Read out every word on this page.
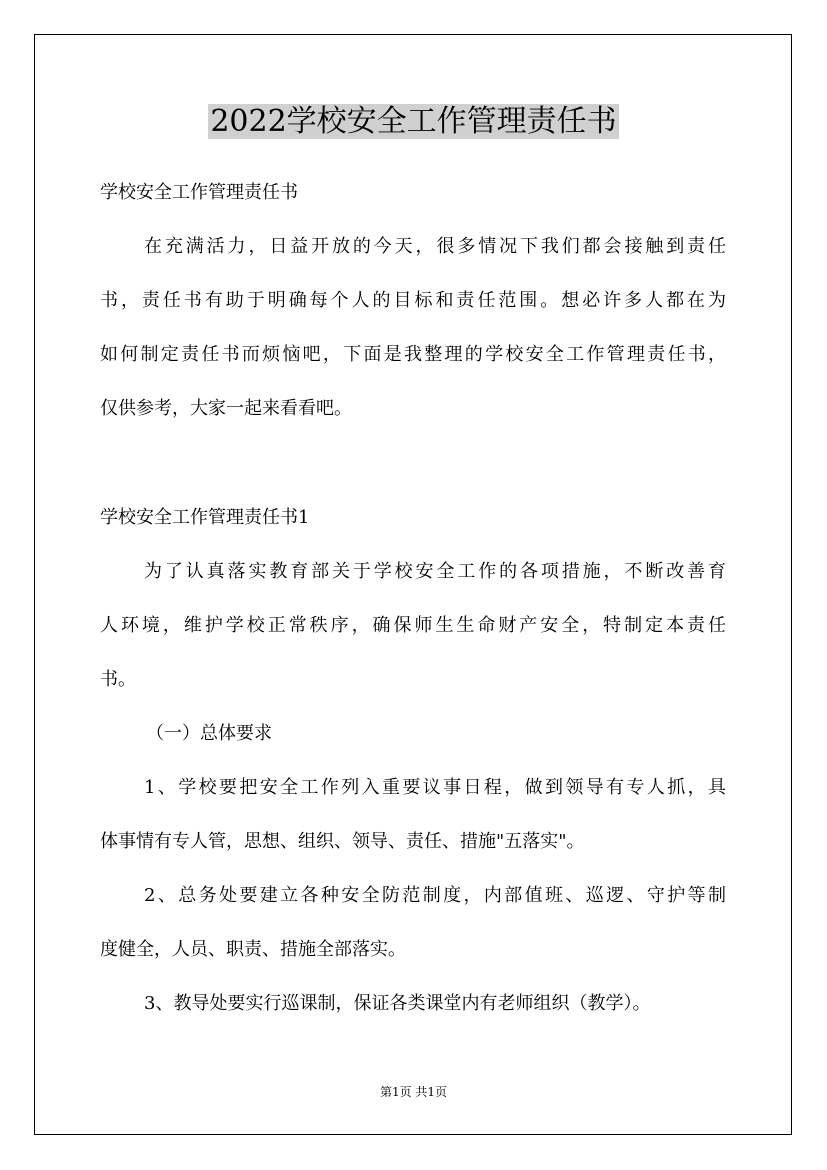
2022学校安全工作管理责任书
学校安全工作管理责任书
在充满活力，日益开放的今天，很多情况下我们都会接触到责任
书，责任书有助于明确每个人的目标和责任范围。想必许多人都在为
如何制定责任书而烦恼吧，下面是我整理的学校安全工作管理责任书，
仅供参考，大家一起来看看吧。
学校安全工作管理责任书1
为了认真落实教育部关于学校安全工作的各项措施，不断改善育
人环境，维护学校正常秩序，确保师生生命财产安全，特制定本责任
书。
（一）总体要求
1、学校要把安全工作列入重要议事日程，做到领导有专人抓，具
体事情有专人管，思想、组织、领导、责任、措施"五落实"。
2、总务处要建立各种安全防范制度，内部值班、巡逻、守护等制
度健全，人员、职责、措施全部落实。
3、教导处要实行巡课制，保证各类课堂内有老师组织（教学）。
第1页 共1页
